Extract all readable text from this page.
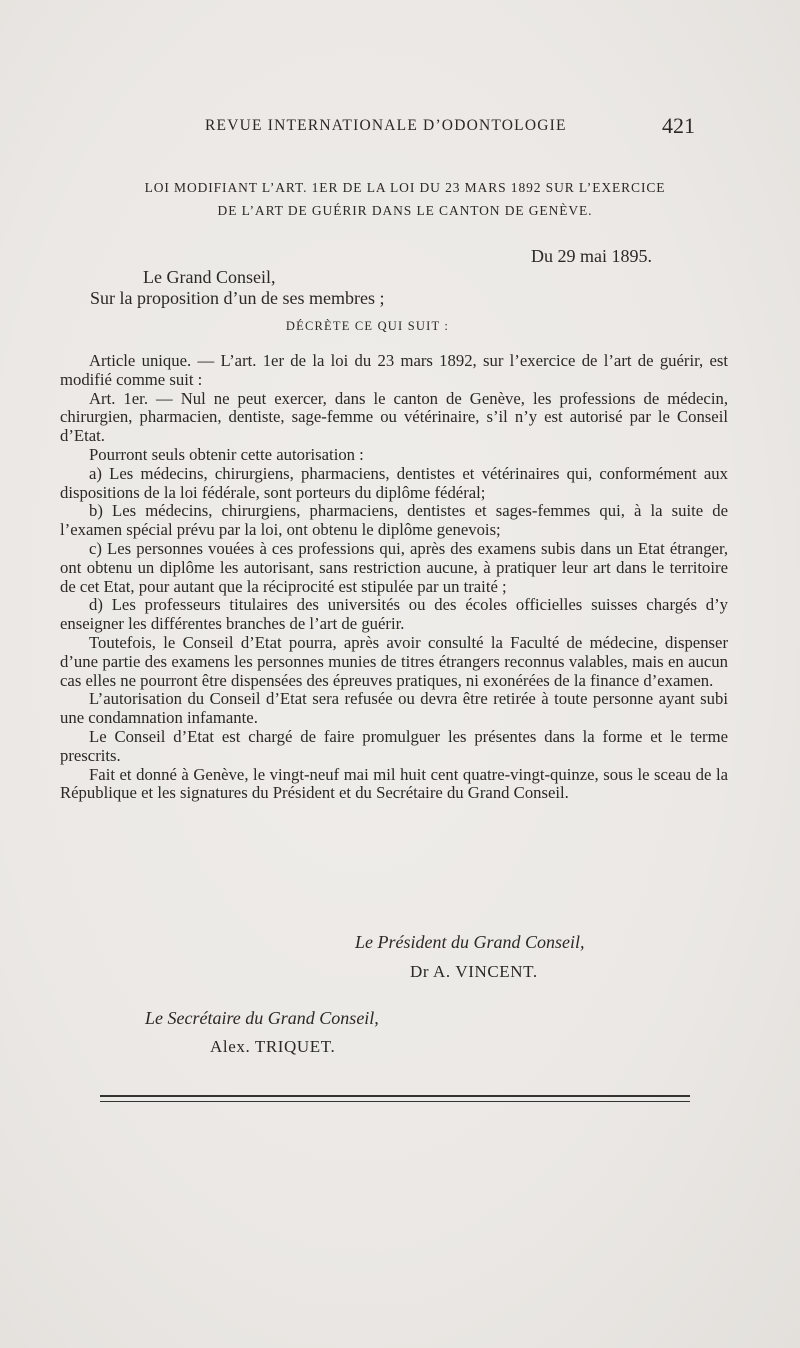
REVUE INTERNATIONALE D’ODONTOLOGIE	421
LOI MODIFIANT L’ART. 1ER DE LA LOI DU 23 MARS 1892 SUR L’EXERCICE
DE L’ART DE GUÉRIR DANS LE CANTON DE GENÈVE.
Du 29 mai 1895.
Le Grand Conseil,
Sur la proposition d’un de ses membres ;
DÉCRÈTE CE QUI SUIT :

Article unique. — L’art. 1er de la loi du 23 mars 1892, sur l’exercice de l’art de guérir, est modifié comme suit :

Art. 1er. — Nul ne peut exercer, dans le canton de Genève, les professions de médecin, chirurgien, pharmacien, dentiste, sage-femme ou vétérinaire, s’il n’y est autorisé par le Conseil d’Etat.

Pourront seuls obtenir cette autorisation :

a) Les médecins, chirurgiens, pharmaciens, dentistes et vétérinaires qui, conformément aux dispositions de la loi fédérale, sont porteurs du diplôme fédéral;

b) Les médecins, chirurgiens, pharmaciens, dentistes et sages-femmes qui, à la suite de l’examen spécial prévu par la loi, ont obtenu le diplôme genevois;

c) Les personnes vouées à ces professions qui, après des examens subis dans un Etat étranger, ont obtenu un diplôme les autorisant, sans restriction aucune, à pratiquer leur art dans le territoire de cet Etat, pour autant que la réciprocité est stipulée par un traité ;

d) Les professeurs titulaires des universités ou des écoles officielles suisses chargés d’y enseigner les différentes branches de l’art de guérir.

Toutefois, le Conseil d’Etat pourra, après avoir consulté la Faculté de médecine, dispenser d’une partie des examens les personnes munies de titres étrangers reconnus valables, mais en aucun cas elles ne pourront être dispensées des épreuves pratiques, ni exonérées de la finance d’examen.

L’autorisation du Conseil d’Etat sera refusée ou devra être retirée à toute personne ayant subi une condamnation infamante.

Le Conseil d’Etat est chargé de faire promulguer les présentes dans la forme et le terme prescrits.

Fait et donné à Genève, le vingt-neuf mai mil huit cent quatre-vingt-quinze, sous le sceau de la République et les signatures du Président et du Secrétaire du Grand Conseil.

Le Président du Grand Conseil,
Dr A. VINCENT.
Le Secrétaire du Grand Conseil,
Alex. TRIQUET.
